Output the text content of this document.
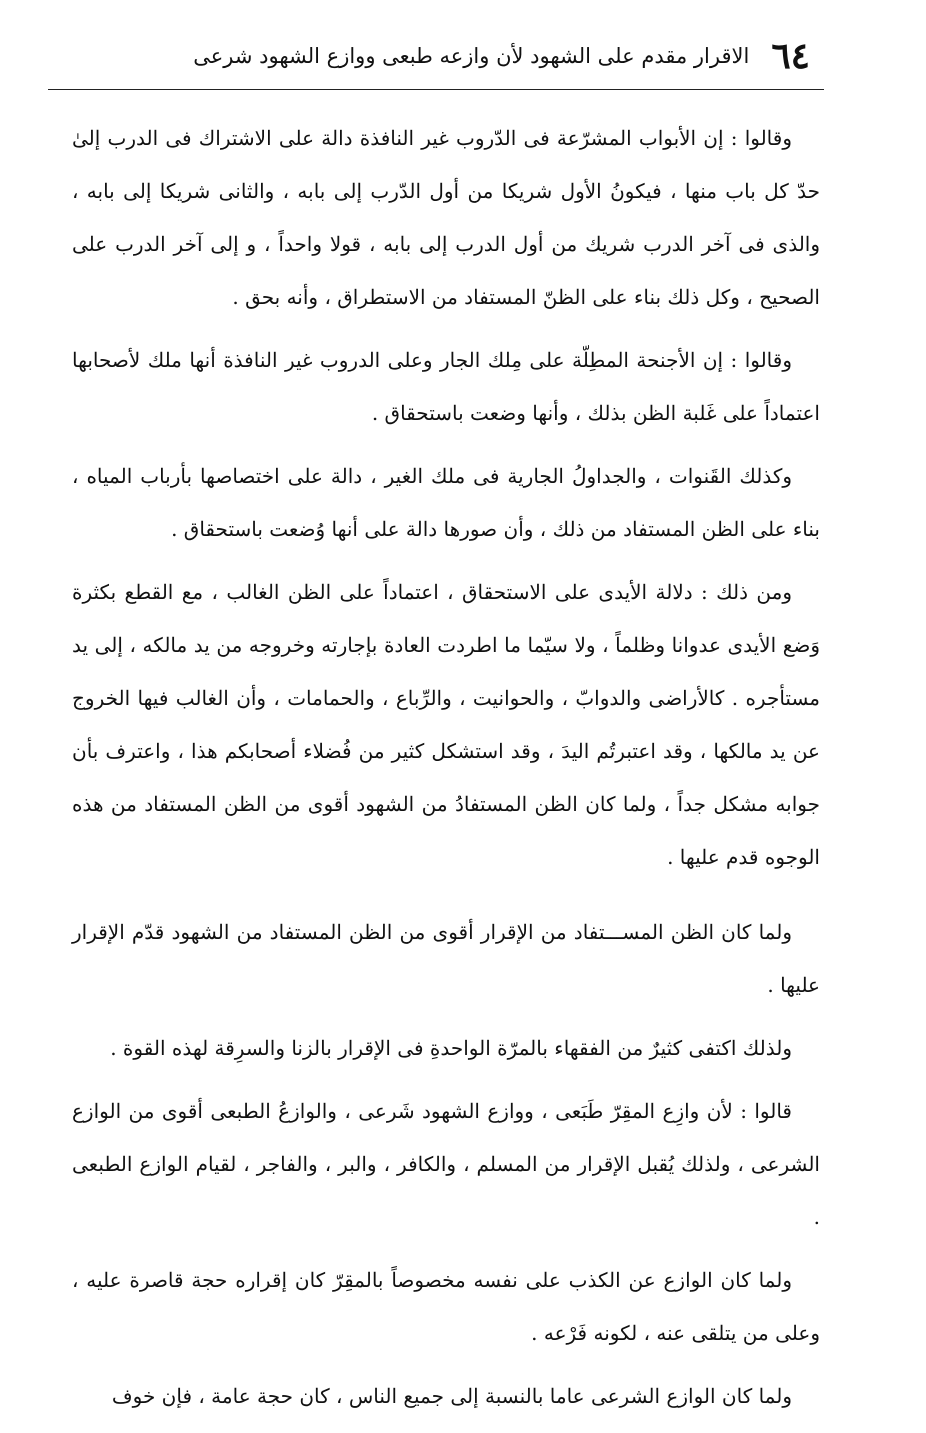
٦٤
الاقرار مقدم على الشهود لأن وازعه طبعى ووازع الشهود شرعى

وقالوا : إن الأبواب المشرّعة فى الدّروب غير النافذة دالة على الاشتراك فى الدرب إلىٰ حدّ كل باب منها ، فيكونُ الأول شريكا من أول الدّرب إلى بابه ، والثانى شريكا إلى بابه ، والذى فى آخر الدرب شريك من أول الدرب إلى بابه ، قولا واحداً ، و إلى آخر الدرب على الصحيح ، وكل ذلك بناء على الظنّ المستفاد من الاستطراق ، وأنه بحق .

وقالوا : إن الأجنحة المطِلّة على مِلك الجار وعلى الدروب غير النافذة أنها ملك لأصحابها اعتماداً على غَلبة الظن بذلك ، وأنها وضعت باستحقاق .

وكذلك القَنوات ، والجداولُ الجارية فى ملك الغير ، دالة على اختصاصها بأرباب المياه ، بناء على الظن المستفاد من ذلك ، وأن صورها دالة على أنها وُضعت باستحقاق .

ومن ذلك : دلالة الأيدى على الاستحقاق ، اعتماداً على الظن الغالب ، مع القطع بكثرة وَضع الأيدى عدوانا وظلماً ، ولا سيّما ما اطردت العادة بإجارته وخروجه من يد مالكه ، إلى يد مستأجره . كالأراضى والدوابّ ، والحوانيت ، والرِّباع ، والحمامات ، وأن الغالب فيها الخروج عن يد مالكها ، وقد اعتبرتُم اليدَ ، وقد استشكل كثير من فُضلاء أصحابكم هذا ، واعترف بأن جوابه مشكل جداً ، ولما كان الظن المستفادُ من الشهود أقوى من الظن المستفاد من هذه الوجوه قدم عليها .

ولما كان الظن المســـتفاد من الإقرار أقوى من الظن المستفاد من الشهود قدّم الإقرار عليها .

ولذلك اكتفى كثيرٌ من الفقهاء بالمرّة الواحدةِ فى الإقرار بالزنا والسرِقة لهذه القوة .

قالوا : لأن وازِع المقِرّ طَبَعى ، ووازع الشهود شَرعى ، والوازعُ الطبعى أقوى من الوازع الشرعى ، ولذلك يُقبل الإقرار من المسلم ، والكافر ، والبر ، والفاجر ، لقيام الوازع الطبعى .

ولما كان الوازع عن الكذب على نفسه مخصوصاً بالمقِرّ كان إقراره حجة قاصرة عليه ، وعلى من يتلقى عنه ، لكونه فَرْعه .

ولما كان الوازع الشرعى عاما بالنسبة إلى جميع الناس ، كان حجة عامة ، فإن خوف
